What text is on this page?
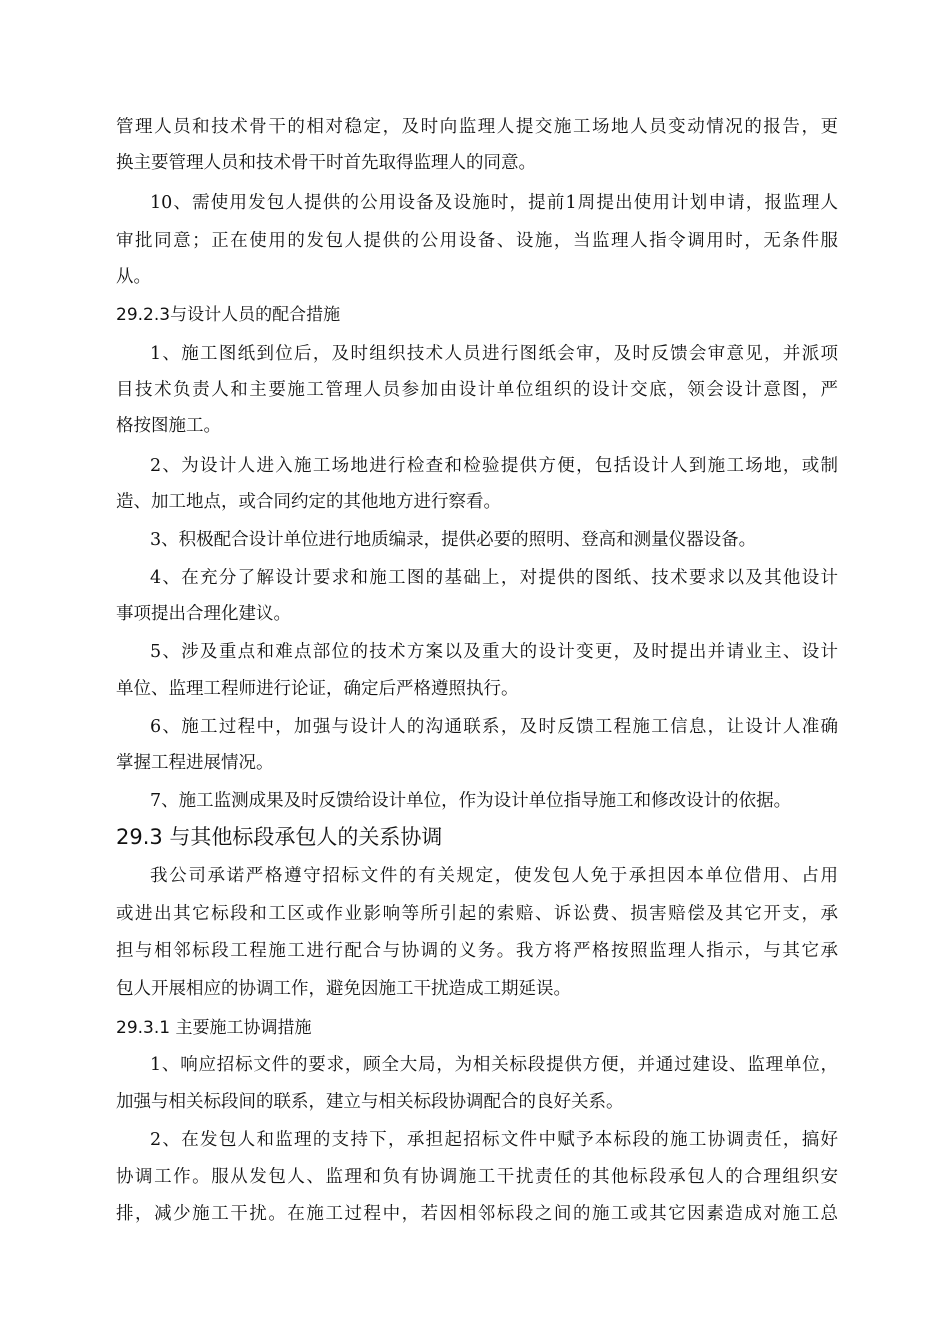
管理人员和技术骨干的相对稳定，及时向监理人提交施工场地人员变动情况的报告，更
换主要管理人员和技术骨干时首先取得监理人的同意。
10、需使用发包人提供的公用设备及设施时，提前1周提出使用计划申请，报监理人
审批同意；正在使用的发包人提供的公用设备、设施，当监理人指令调用时，无条件服
从。
29.2.3与设计人员的配合措施
1、施工图纸到位后，及时组织技术人员进行图纸会审，及时反馈会审意见，并派项
目技术负责人和主要施工管理人员参加由设计单位组织的设计交底，领会设计意图，严
格按图施工。
2、为设计人进入施工场地进行检查和检验提供方便，包括设计人到施工场地，或制
造、加工地点，或合同约定的其他地方进行察看。
3、积极配合设计单位进行地质编录，提供必要的照明、登高和测量仪器设备。
4、在充分了解设计要求和施工图的基础上，对提供的图纸、技术要求以及其他设计
事项提出合理化建议。
5、涉及重点和难点部位的技术方案以及重大的设计变更，及时提出并请业主、设计
单位、监理工程师进行论证，确定后严格遵照执行。
6、施工过程中，加强与设计人的沟通联系，及时反馈工程施工信息，让设计人准确
掌握工程进展情况。
7、施工监测成果及时反馈给设计单位，作为设计单位指导施工和修改设计的依据。
29.3 与其他标段承包人的关系协调
我公司承诺严格遵守招标文件的有关规定，使发包人免于承担因本单位借用、占用
或进出其它标段和工区或作业影响等所引起的索赔、诉讼费、损害赔偿及其它开支，承
担与相邻标段工程施工进行配合与协调的义务。我方将严格按照监理人指示，与其它承
包人开展相应的协调工作，避免因施工干扰造成工期延误。
29.3.1 主要施工协调措施
1、响应招标文件的要求，顾全大局，为相关标段提供方便，并通过建设、监理单位，
加强与相关标段间的联系，建立与相关标段协调配合的良好关系。
2、在发包人和监理的支持下，承担起招标文件中赋予本标段的施工协调责任，搞好
协调工作。服从发包人、监理和负有协调施工干扰责任的其他标段承包人的合理组织安
排，减少施工干扰。在施工过程中，若因相邻标段之间的施工或其它因素造成对施工总
